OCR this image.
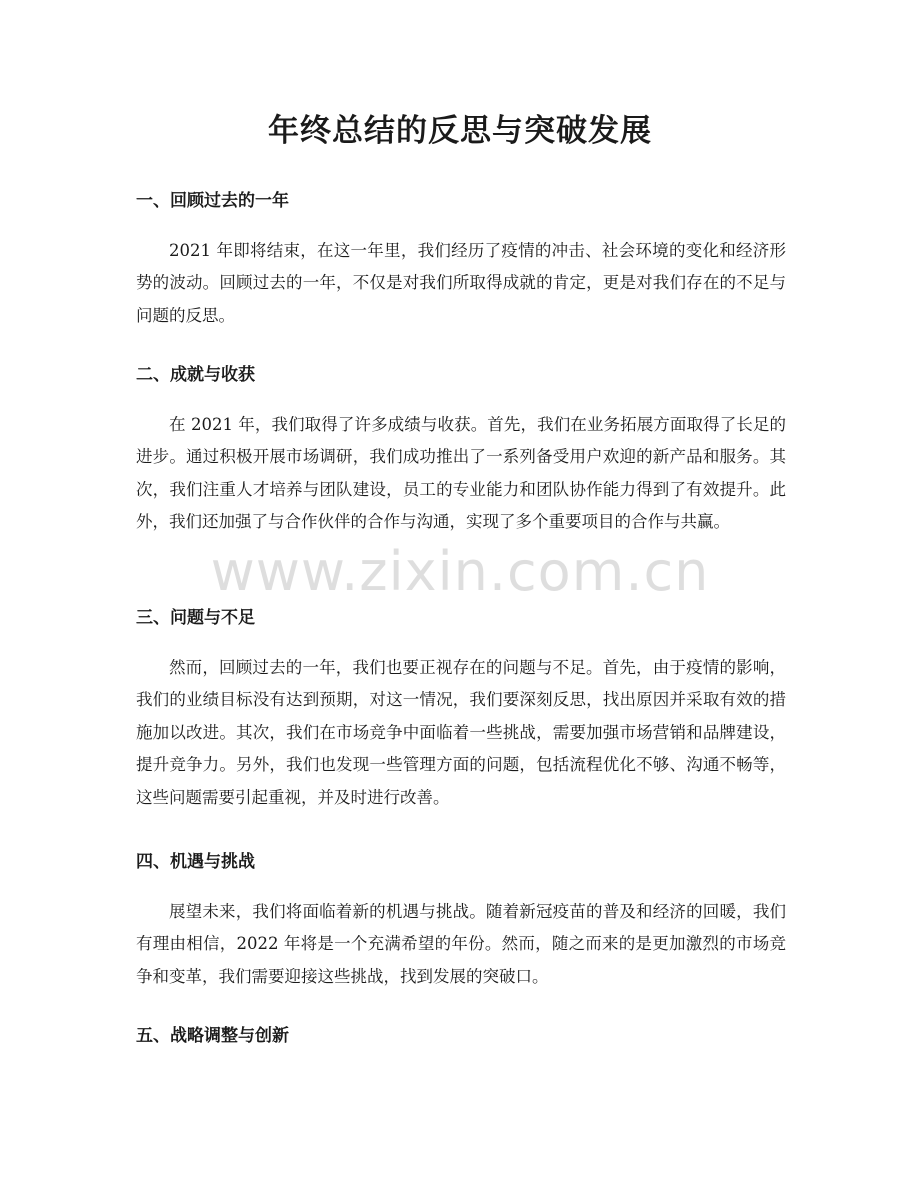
年终总结的反思与突破发展
一、回顾过去的一年

2021 年即将结束，在这一年里，我们经历了疫情的冲击、社会环境的变化和经济形势的波动。回顾过去的一年，不仅是对我们所取得成就的肯定，更是对我们存在的不足与问题的反思。

二、成就与收获

在 2021 年，我们取得了许多成绩与收获。首先，我们在业务拓展方面取得了长足的进步。通过积极开展市场调研，我们成功推出了一系列备受用户欢迎的新产品和服务。其次，我们注重人才培养与团队建设，员工的专业能力和团队协作能力得到了有效提升。此外，我们还加强了与合作伙伴的合作与沟通，实现了多个重要项目的合作与共赢。

三、问题与不足

然而，回顾过去的一年，我们也要正视存在的问题与不足。首先，由于疫情的影响，我们的业绩目标没有达到预期，对这一情况，我们要深刻反思，找出原因并采取有效的措施加以改进。其次，我们在市场竞争中面临着一些挑战，需要加强市场营销和品牌建设，提升竞争力。另外，我们也发现一些管理方面的问题，包括流程优化不够、沟通不畅等，这些问题需要引起重视，并及时进行改善。

四、机遇与挑战

展望未来，我们将面临着新的机遇与挑战。随着新冠疫苗的普及和经济的回暖，我们有理由相信，2022 年将是一个充满希望的年份。然而，随之而来的是更加激烈的市场竞争和变革，我们需要迎接这些挑战，找到发展的突破口。

五、战略调整与创新
www.zixin.com.cn
